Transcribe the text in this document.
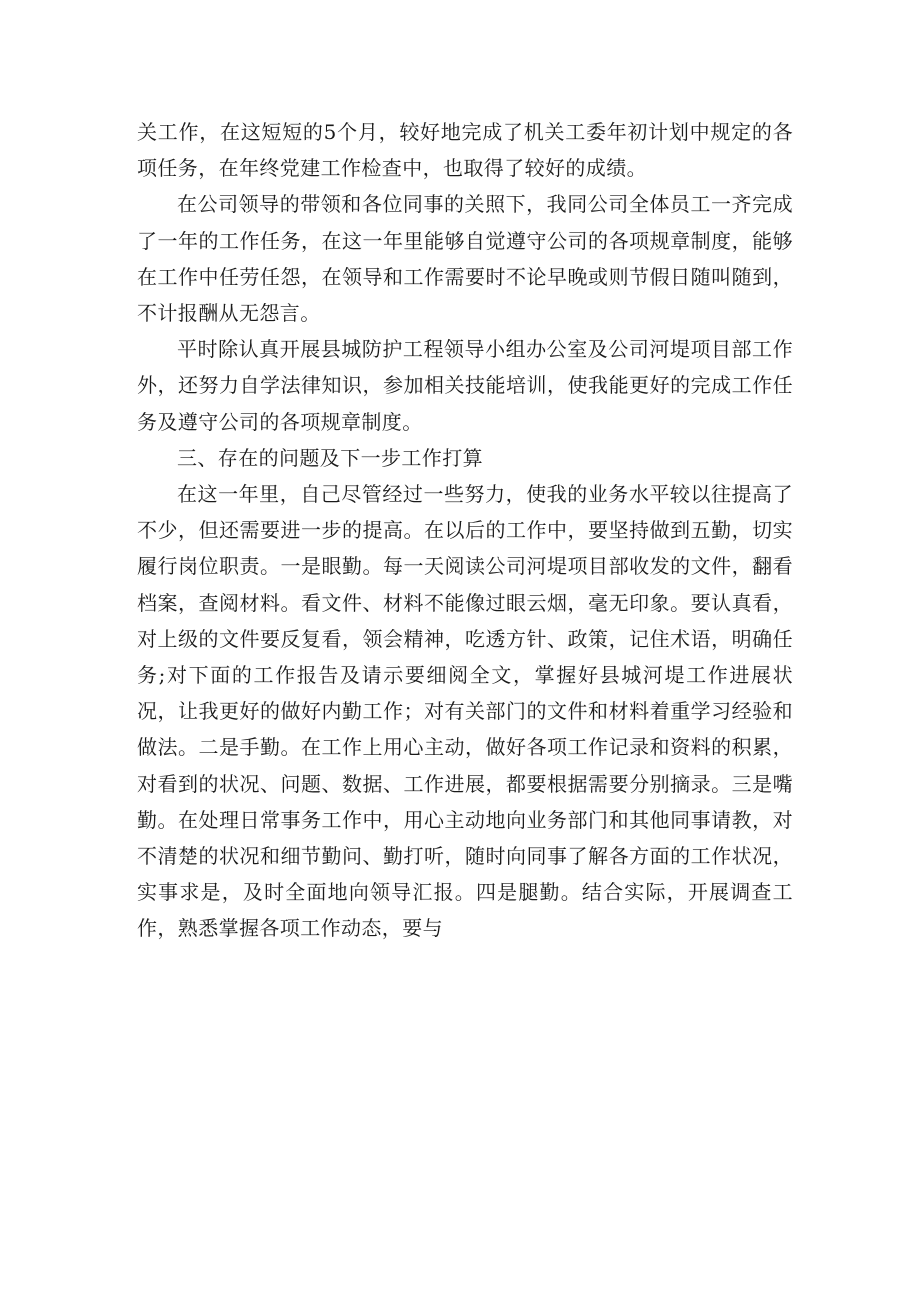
关工作，在这短短的5个月，较好地完成了机关工委年初计划中规定的各项任务，在年终党建工作检查中，也取得了较好的成绩。

在公司领导的带领和各位同事的关照下，我同公司全体员工一齐完成了一年的工作任务，在这一年里能够自觉遵守公司的各项规章制度，能够在工作中任劳任怨，在领导和工作需要时不论早晚或则节假日随叫随到，不计报酬从无怨言。

平时除认真开展县城防护工程领导小组办公室及公司河堤项目部工作外，还努力自学法律知识，参加相关技能培训，使我能更好的完成工作任务及遵守公司的各项规章制度。

三、存在的问题及下一步工作打算

在这一年里，自己尽管经过一些努力，使我的业务水平较以往提高了不少，但还需要进一步的提高。在以后的工作中，要坚持做到五勤，切实履行岗位职责。一是眼勤。每一天阅读公司河堤项目部收发的文件，翻看档案，查阅材料。看文件、材料不能像过眼云烟，毫无印象。要认真看，对上级的文件要反复看，领会精神，吃透方针、政策，记住术语，明确任务;对下面的工作报告及请示要细阅全文，掌握好县城河堤工作进展状况，让我更好的做好内勤工作；对有关部门的文件和材料着重学习经验和做法。二是手勤。在工作上用心主动，做好各项工作记录和资料的积累，对看到的状况、问题、数据、工作进展，都要根据需要分别摘录。三是嘴勤。在处理日常事务工作中，用心主动地向业务部门和其他同事请教，对不清楚的状况和细节勤问、勤打听，随时向同事了解各方面的工作状况，实事求是，及时全面地向领导汇报。四是腿勤。结合实际，开展调查工作，熟悉掌握各项工作动态，要与
